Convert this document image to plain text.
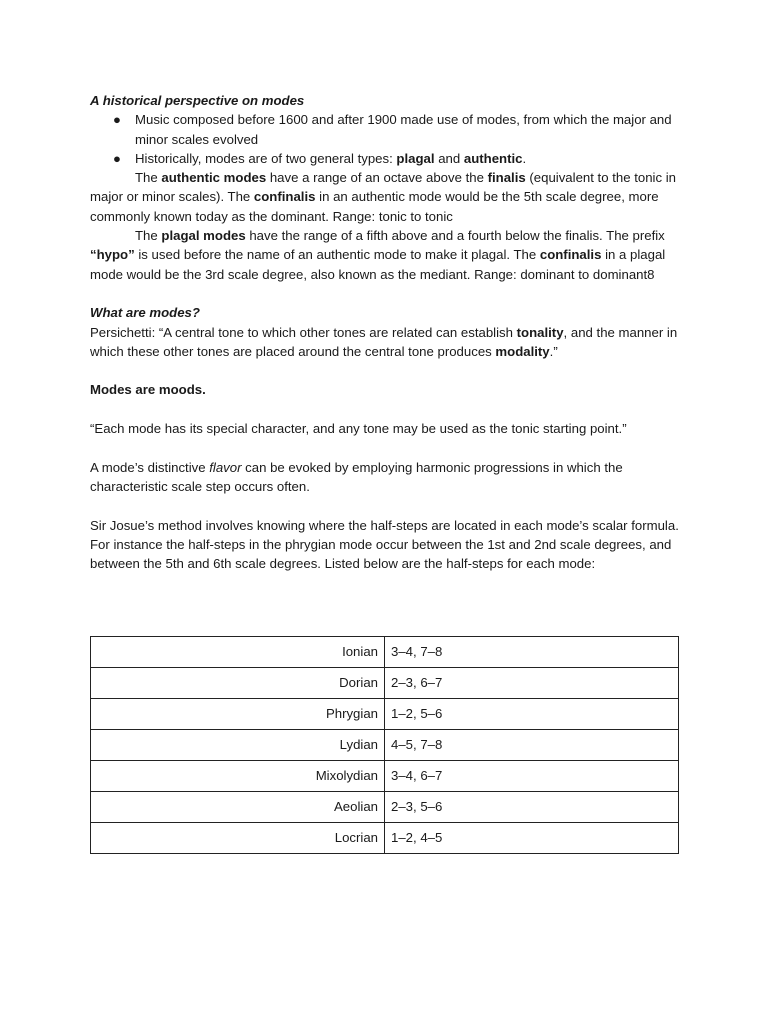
A historical perspective on modes

● Music composed before 1600 and after 1900 made use of modes, from which the major and minor scales evolved
● Historically, modes are of two general types: plagal and authentic.

The authentic modes have a range of an octave above the finalis (equivalent to the tonic in major or minor scales). The confinalis in an authentic mode would be the 5th scale degree, more commonly known today as the dominant. Range: tonic to tonic

The plagal modes have the range of a fifth above and a fourth below the finalis. The prefix “hypo” is used before the name of an authentic mode to make it plagal. The confinalis in a plagal mode would be the 3rd scale degree, also known as the mediant. Range: dominant to dominant8

What are modes?

Persichetti: “A central tone to which other tones are related can establish tonality, and the manner in which these other tones are placed around the central tone produces modality.”

Modes are moods.

“Each mode has its special character, and any tone may be used as the tonic starting point.”

A mode’s distinctive flavor can be evoked by employing harmonic progressions in which the characteristic scale step occurs often.

Sir Josue’s method involves knowing where the half-steps are located in each mode’s scalar formula. For instance the half-steps in the phrygian mode occur between the 1st and 2nd scale degrees, and between the 5th and 6th scale degrees. Listed below are the half-steps for each mode:

Ionian	3–4, 7–8
Dorian	2–3, 6–7
Phrygian	1–2, 5–6
Lydian	4–5, 7–8
Mixolydian	3–4, 6–7
Aeolian	2–3, 5–6
Locrian	1–2, 4–5
